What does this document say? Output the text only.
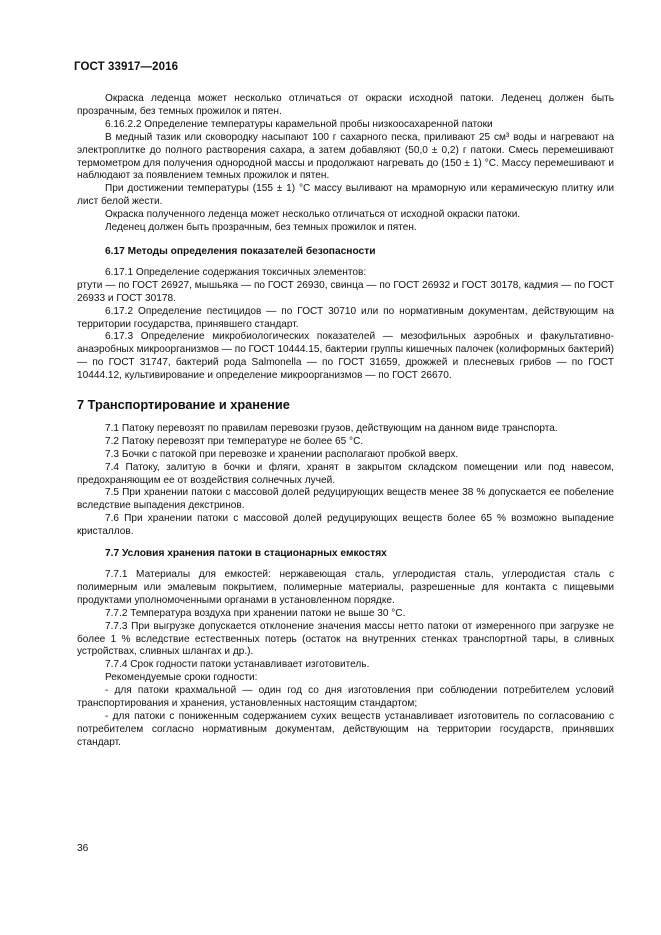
ГОСТ 33917—2016

Окраска леденца может несколько отличаться от окраски исходной патоки. Леденец должен быть прозрачным, без темных прожилок и пятен.

6.16.2.2 Определение температуры карамельной пробы низкоосахаренной патоки

В медный тазик или сковородку насыпают 100 г сахарного песка, приливают 25 см³ воды и нагревают на электроплитке до полного растворения сахара, а затем добавляют (50,0 ± 0,2) г патоки. Смесь перемешивают термометром для получения однородной массы и продолжают нагревать до (150 ± 1) °С. Массу перемешивают и наблюдают за появлением темных прожилок и пятен.

При достижении температуры (155 ± 1) °С массу выливают на мраморную или керамическую плитку или лист белой жести.

Окраска полученного леденца может несколько отличаться от исходной окраски патоки.

Леденец должен быть прозрачным, без темных прожилок и пятен.

6.17 Методы определения показателей безопасности

6.17.1 Определение содержания токсичных элементов:

ртути — по ГОСТ 26927, мышьяка — по ГОСТ 26930, свинца — по ГОСТ 26932 и ГОСТ 30178, кадмия — по ГОСТ 26933 и ГОСТ 30178.

6.17.2 Определение пестицидов — по ГОСТ 30710 или по нормативным документам, действующим на территории государства, принявшего стандарт.

6.17.3 Определение микробиологических показателей — мезофильных аэробных и факультативно-анаэробных микроорганизмов — по ГОСТ 10444.15, бактерии группы кишечных палочек (колиформных бактерий) — по ГОСТ 31747, бактерий рода Salmonella — по ГОСТ 31659, дрожжей и плесневых грибов — по ГОСТ 10444.12, культивирование и определение микроорганизмов — по ГОСТ 26670.

7 Транспортирование и хранение

7.1 Патоку перевозят по правилам перевозки грузов, действующим на данном виде транспорта.

7.2 Патоку перевозят при температуре не более 65 °С.

7.3 Бочки с патокой при перевозке и хранении располагают пробкой вверх.

7.4 Патоку, залитую в бочки и фляги, хранят в закрытом складском помещении или под навесом, предохраняющим ее от воздействия солнечных лучей.

7.5 При хранении патоки с массовой долей редуцирующих веществ менее 38 % допускается ее побеление вследствие выпадения декстринов.

7.6 При хранении патоки с массовой долей редуцирующих веществ более 65 % возможно выпадение кристаллов.

7.7 Условия хранения патоки в стационарных емкостях

7.7.1 Материалы для емкостей: нержавеющая сталь, углеродистая сталь, углеродистая сталь с полимерным или эмалевым покрытием, полимерные материалы, разрешенные для контакта с пищевыми продуктами уполномоченными органами в установленном порядке.

7.7.2 Температура воздуха при хранении патоки не выше 30 °С.

7.7.3 При выгрузке допускается отклонение значения массы нетто патоки от измеренного при загрузке не более 1 % вследствие естественных потерь (остаток на внутренних стенках транспортной тары, в сливных устройствах, сливных шлангах и др.).

7.7.4 Срок годности патоки устанавливает изготовитель.

Рекомендуемые сроки годности:

- для патоки крахмальной — один год со дня изготовления при соблюдении потребителем условий транспортирования и хранения, установленных настоящим стандартом;

- для патоки с пониженным содержанием сухих веществ устанавливает изготовитель по согласованию с потребителем согласно нормативным документам, действующим на территории государств, принявших стандарт.

36
